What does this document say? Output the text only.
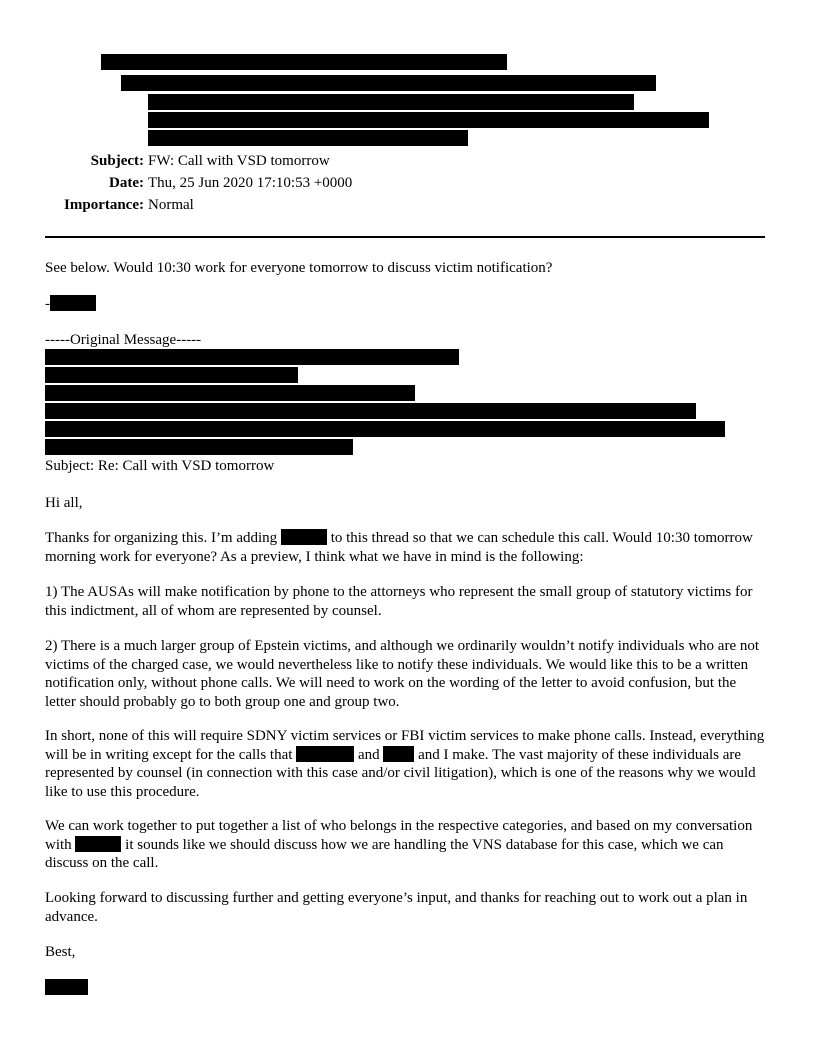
Subject: FW: Call with VSD tomorrow
Date: Thu, 25 Jun 2020 17:10:53 +0000
Importance: Normal
See below. Would 10:30 work for everyone tomorrow to discuss victim notification?
-
-----Original Message-----
Subject: Re: Call with VSD tomorrow
Hi all,
Thanks for organizing this. I’m adding	to this thread so that we can schedule this call. Would 10:30 tomorrow morning work for everyone? As a preview, I think what we have in mind is the following:
1) The AUSAs will make notification by phone to the attorneys who represent the small group of statutory victims for this indictment, all of whom are represented by counsel.
2) There is a much larger group of Epstein victims, and although we ordinarily wouldn’t notify individuals who are not victims of the charged case, we would nevertheless like to notify these individuals. We would like this to be a written notification only, without phone calls. We will need to work on the wording of the letter to avoid confusion, but the letter should probably go to both group one and group two.
In short, none of this will require SDNY victim services or FBI victim services to make phone calls. Instead, everything will be in writing except for the calls that	and	and I make. The vast majority of these individuals are represented by counsel (in connection with this case and/or civil litigation), which is one of the reasons why we would like to use this procedure.
We can work together to put together a list of who belongs in the respective categories, and based on my conversation with	it sounds like we should discuss how we are handling the VNS database for this case, which we can discuss on the call.
Looking forward to discussing further and getting everyone’s input, and thanks for reaching out to work out a plan in advance.
Best,
